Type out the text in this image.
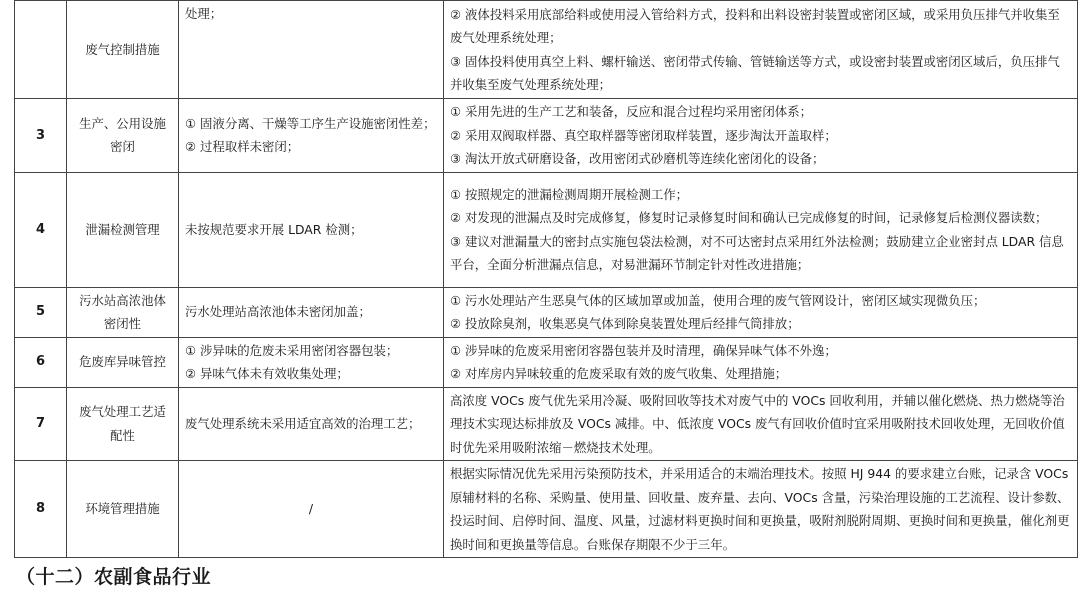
	废气控制措施	处理；	② 液体投料采用底部给料或使用浸入管给料方式，投料和出料设密封装置或密闭区域，或采用负压排气并收集至废气处理系统处理；
③ 固体投料使用真空上料、螺杆输送、密闭带式传输、管链输送等方式，或设密封装置或密闭区域后，负压排气并收集至废气处理系统处理；

3	生产、公用设施密闭	① 固液分离、干燥等工序生产设施密闭性差；
② 过程取样未密闭；	① 采用先进的生产工艺和装备，反应和混合过程均采用密闭体系；
② 采用双阀取样器、真空取样器等密闭取样装置，逐步淘汰开盖取样；
③ 淘汰开放式研磨设备，改用密闭式砂磨机等连续化密闭化的设备；

4	泄漏检测管理	未按规范要求开展 LDAR 检测；	① 按照规定的泄漏检测周期开展检测工作；
② 对发现的泄漏点及时完成修复，修复时记录修复时间和确认已完成修复的时间，记录修复后检测仪器读数；
③ 建议对泄漏量大的密封点实施包袋法检测，对不可达密封点采用红外法检测；鼓励建立企业密封点 LDAR 信息平台，全面分析泄漏点信息，对易泄漏环节制定针对性改进措施；

5	污水站高浓池体密闭性	污水处理站高浓池体未密闭加盖；	① 污水处理站产生恶臭气体的区域加罩或加盖，使用合理的废气管网设计，密闭区域实现微负压；
② 投放除臭剂，收集恶臭气体到除臭装置处理后经排气筒排放；

6	危废库异味管控	① 涉异味的危废未采用密闭容器包装；
② 异味气体未有效收集处理；	① 涉异味的危废采用密闭容器包装并及时清理，确保异味气体不外逸；
② 对库房内异味较重的危废采取有效的废气收集、处理措施；

7	废气处理工艺适配性	废气处理系统未采用适宜高效的治理工艺；	高浓度 VOCs 废气优先采用冷凝、吸附回收等技术对废气中的 VOCs 回收利用，并辅以催化燃烧、热力燃烧等治理技术实现达标排放及 VOCs 减排。中、低浓度 VOCs 废气有回收价值时宜采用吸附技术回收处理，无回收价值时优先采用吸附浓缩－燃烧技术处理。

8	环境管理措施	/	根据实际情况优先采用污染预防技术，并采用适合的末端治理技术。按照 HJ 944 的要求建立台账，记录含 VOCs 原辅材料的名称、采购量、使用量、回收量、废弃量、去向、VOCs 含量，污染治理设施的工艺流程、设计参数、投运时间、启停时间、温度、风量，过滤材料更换时间和更换量，吸附剂脱附周期、更换时间和更换量，催化剂更换时间和更换量等信息。台账保存期限不少于三年。
（十二）农副食品行业
